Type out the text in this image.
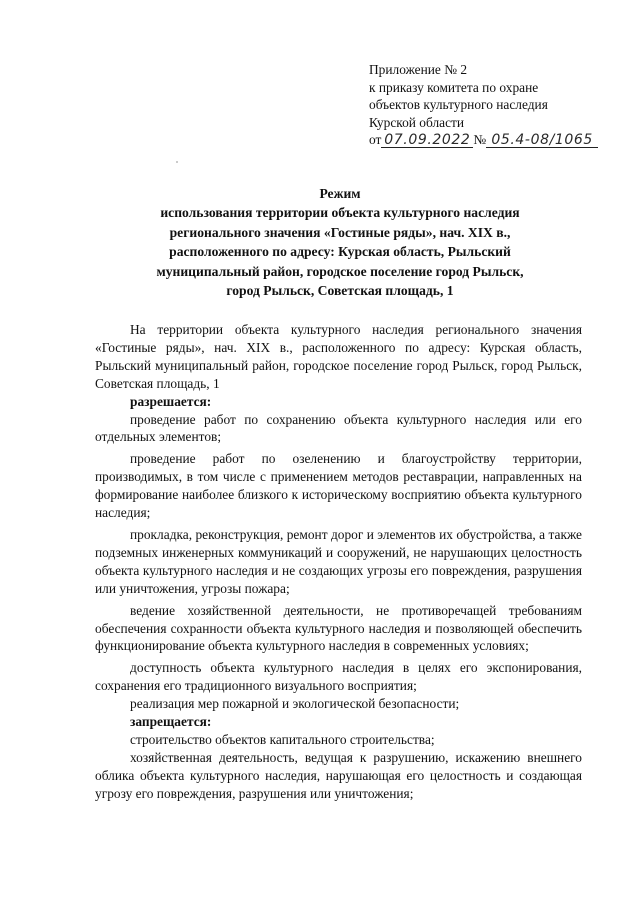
Приложение № 2
к приказу комитета по охране
объектов культурного наследия
Курской области
от 07.09.2022 № 05.4-08/1065
Режим
использования территории объекта культурного наследия
регионального значения «Гостиные ряды», нач. XIX в.,
расположенного по адресу: Курская область, Рыльский
муниципальный район, городское поселение город Рыльск,
город Рыльск, Советская площадь, 1

На территории объекта культурного наследия регионального значения «Гостиные ряды», нач. XIX в., расположенного по адресу: Курская область, Рыльский муниципальный район, городское поселение город Рыльск, город Рыльск, Советская площадь, 1

разрешается:

проведение работ по сохранению объекта культурного наследия или его отдельных элементов;

проведение работ по озеленению и благоустройству территории, производимых, в том числе с применением методов реставрации, направленных на формирование наиболее близкого к историческому восприятию объекта культурного наследия;

прокладка, реконструкция, ремонт дорог и элементов их обустройства, а также подземных инженерных коммуникаций и сооружений, не нарушающих целостность объекта культурного наследия и не создающих угрозы его повреждения, разрушения или уничтожения, угрозы пожара;

ведение хозяйственной деятельности, не противоречащей требованиям обеспечения сохранности объекта культурного наследия и позволяющей обеспечить функционирование объекта культурного наследия в современных условиях;

доступность объекта культурного наследия в целях его экспонирования, сохранения его традиционного визуального восприятия;

реализация мер пожарной и экологической безопасности;

запрещается:

строительство объектов капитального строительства;

хозяйственная деятельность, ведущая к разрушению, искажению внешнего облика объекта культурного наследия, нарушающая его целостность и создающая угрозу его повреждения, разрушения или уничтожения;
